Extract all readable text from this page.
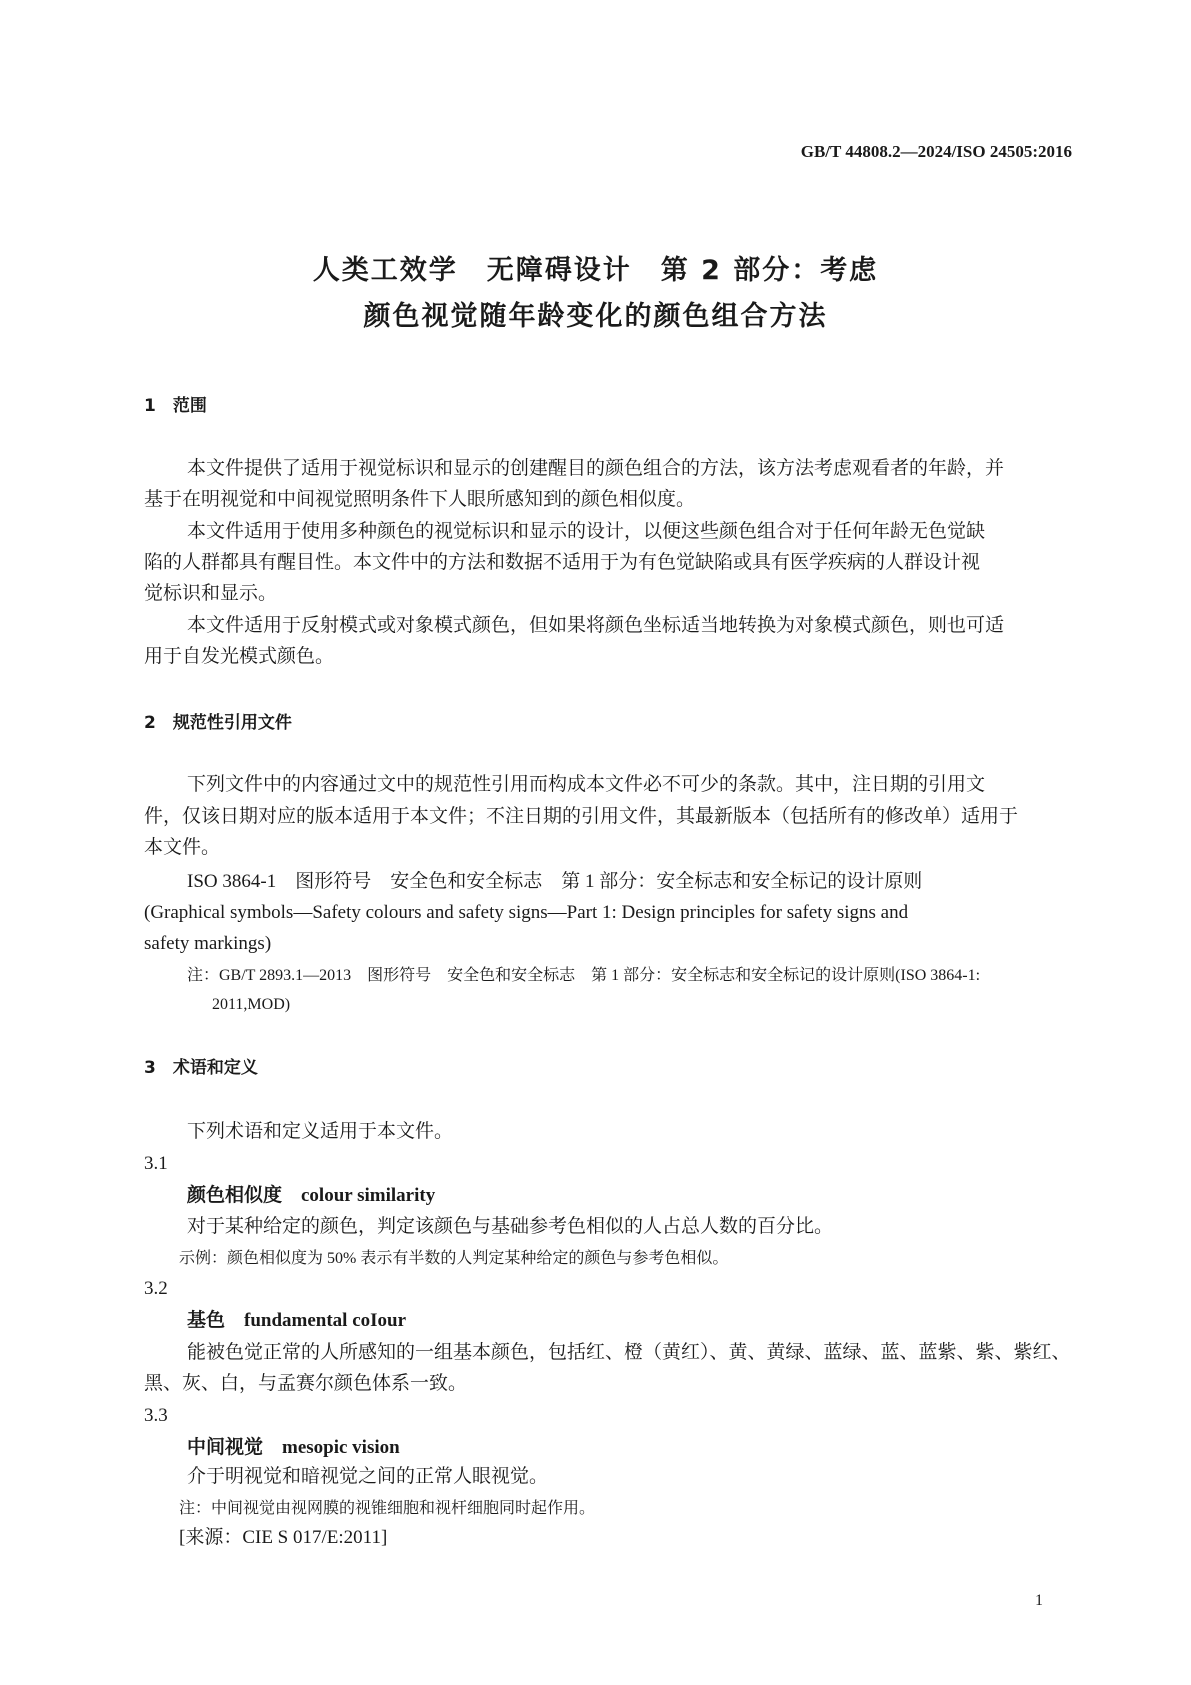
GB/T 44808.2—2024/ISO 24505:2016
人类工效学　无障碍设计　第 2 部分：考虑
颜色视觉随年龄变化的颜色组合方法
1　范围
本文件提供了适用于视觉标识和显示的创建醒目的颜色组合的方法，该方法考虑观看者的年龄，并
基于在明视觉和中间视觉照明条件下人眼所感知到的颜色相似度。
本文件适用于使用多种颜色的视觉标识和显示的设计，以便这些颜色组合对于任何年龄无色觉缺
陷的人群都具有醒目性。本文件中的方法和数据不适用于为有色觉缺陷或具有医学疾病的人群设计视
觉标识和显示。
本文件适用于反射模式或对象模式颜色，但如果将颜色坐标适当地转换为对象模式颜色，则也可适
用于自发光模式颜色。
2　规范性引用文件
下列文件中的内容通过文中的规范性引用而构成本文件必不可少的条款。其中，注日期的引用文
件，仅该日期对应的版本适用于本文件；不注日期的引用文件，其最新版本（包括所有的修改单）适用于
本文件。
ISO 3864-1　图形符号　安全色和安全标志　第 1 部分：安全标志和安全标记的设计原则
(Graphical symbols—Safety colours and safety signs—Part 1: Design principles for safety signs and
safety markings)
注：GB/T 2893.1—2013　图形符号　安全色和安全标志　第 1 部分：安全标志和安全标记的设计原则(ISO 3864-1:
2011,MOD)
3　术语和定义
下列术语和定义适用于本文件。
3.1
颜色相似度　colour similarity
对于某种给定的颜色，判定该颜色与基础参考色相似的人占总人数的百分比。
示例：颜色相似度为 50% 表示有半数的人判定某种给定的颜色与参考色相似。
3.2
基色　fundamental coIour
能被色觉正常的人所感知的一组基本颜色，包括红、橙（黄红）、黄、黄绿、蓝绿、蓝、蓝紫、紫、紫红、
黑、灰、白，与孟赛尔颜色体系一致。
3.3
中间视觉　mesopic vision
介于明视觉和暗视觉之间的正常人眼视觉。
注：中间视觉由视网膜的视锥细胞和视杆细胞同时起作用。
[来源：CIE S 017/E:2011]
1
